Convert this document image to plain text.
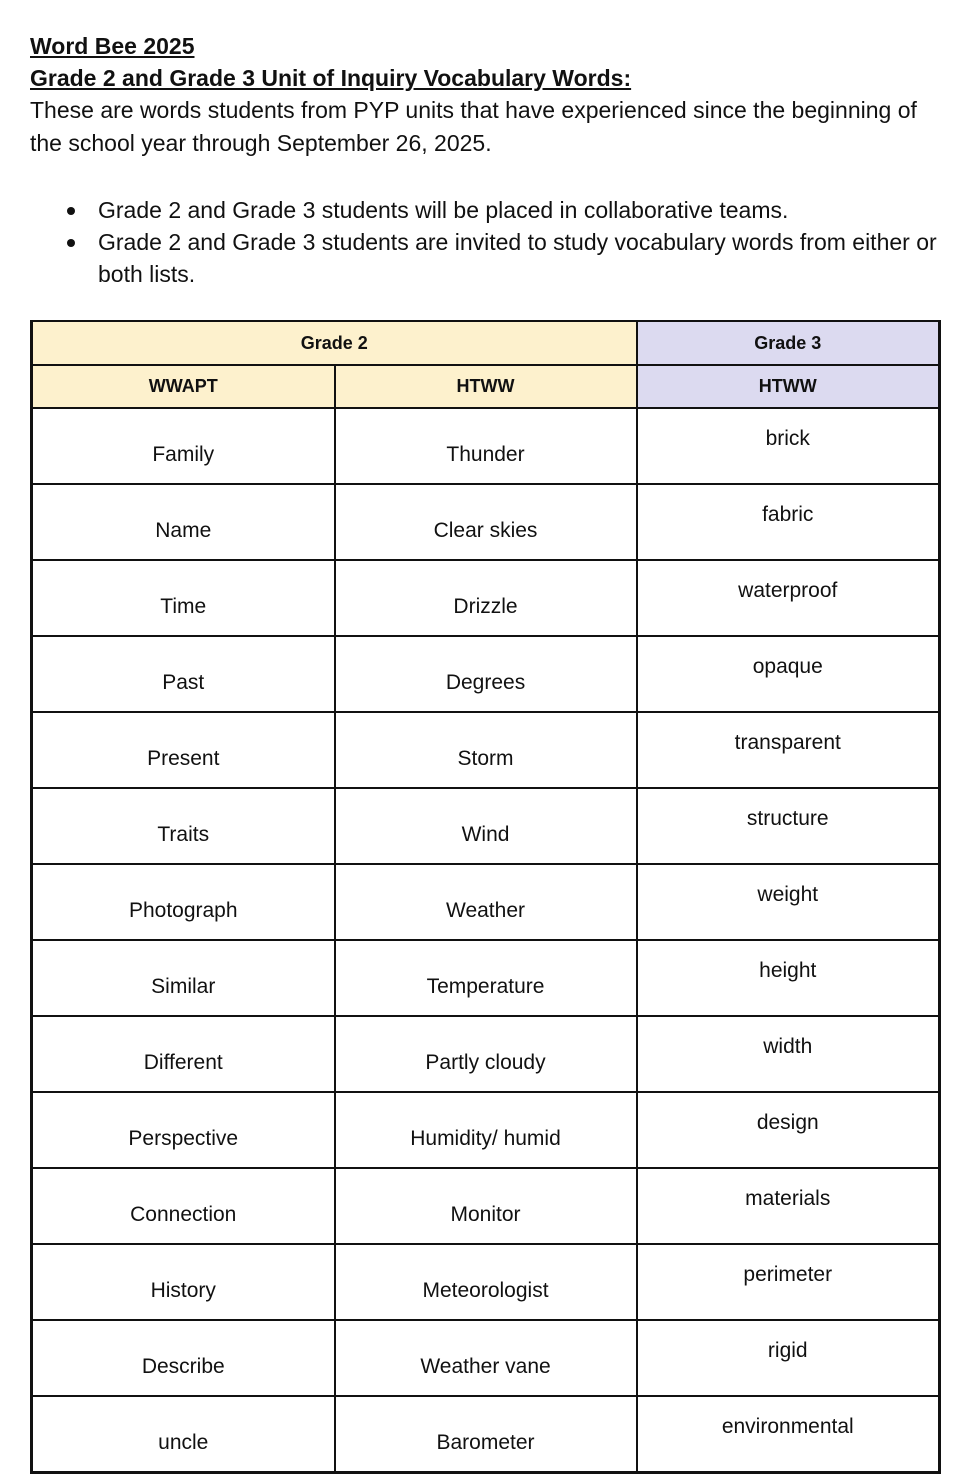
Word Bee 2025

Grade 2 and Grade 3 Unit of Inquiry Vocabulary Words:

These are words students from PYP units that have experienced since the beginning of the school year through September 26, 2025.

Grade 2 and Grade 3 students will be placed in collaborative teams.
Grade 2 and Grade 3 students are invited to study vocabulary words from either or both lists.
Grade 2		Grade 3
WWAPT	HTWW	HTWW
Family	Thunder	brick
Name	Clear skies	fabric
Time	Drizzle	waterproof
Past	Degrees	opaque
Present	Storm	transparent
Traits	Wind	structure
Photograph	Weather	weight
Similar	Temperature	height
Different	Partly cloudy	width
Perspective	Humidity/ humid	design
Connection	Monitor	materials
History	Meteorologist	perimeter
Describe	Weather vane	rigid
uncle	Barometer	environmental
